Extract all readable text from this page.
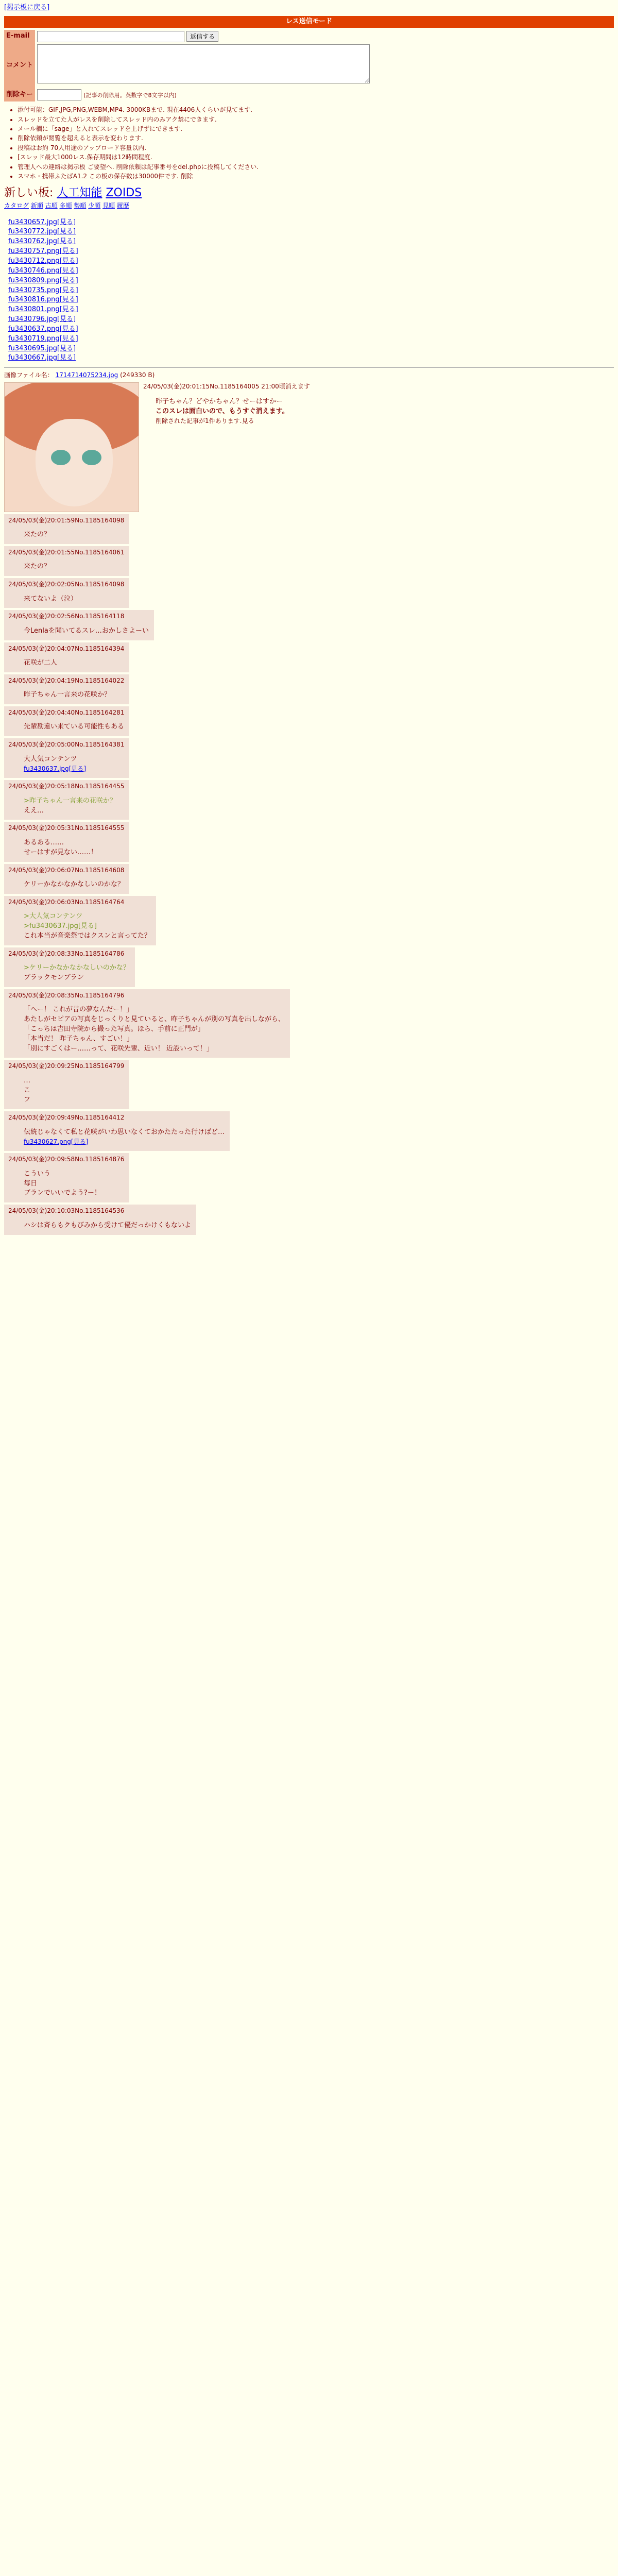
[掲示板に戻る]
レス送信モード
E-mail	返信する
コメント	
削除キー	(記事の削除用。英数字で8文字以内)
• 添付可能：GIF,JPG,PNG,WEBM,MP4. 3000KBまで. 現在4406人くらいが見てます.
• スレッドを立てた人がレスを削除してスレッド内のみアク禁にできます.
• メール欄に「sage」と入れてスレッドを上げずにできます.
• 削除依頼が閲覧を超えると表示を変わります.
• 投稿はお約 70人用途のアップロード容量以内.
• [スレッド最大1000レス.保存期間は12時間程度.
• 管理人への連絡は掲示板 ご要望へ. 削除依頼は記事番号をdel.phpに投稿してください.
• スマホ・携帯ふたばA1.2 この板の保存数は30000件です. 削除
新しい板: 人工知能 ZOIDS
カタログ 新順 古順 多順 勢順 少順 見順 履歴
fu3430657.jpg[見る]
fu3430772.jpg[見る]
fu3430762.jpg[見る]
fu3430757.png[見る]
fu3430712.png[見る]
fu3430746.png[見る]
fu3430809.png[見る]
fu3430735.png[見る]
fu3430816.png[見る]
fu3430801.png[見る]
fu3430796.jpg[見る]
fu3430637.png[見る]
fu3430719.png[見る]
fu3430695.jpg[見る]
fu3430667.jpg[見る]
画像ファイル名： 1714714075234.jpg (249330 B)
24/05/03(金)20:01:15No.1185164005 21:00頃消えます
昨子ちゃん？どやかちゃん？せーはすかー
このスレは面白いので、もうすぐ消えます。
削除された記事が1件あります.見る
24/05/03(金)20:01:59No.1185164098
来たの？
24/05/03(金)20:01:55No.1185164061
来たの？
24/05/03(金)20:02:05No.1185164098
来てないよ（泣）
24/05/03(金)20:02:56No.1185164118
今Lenlaを聞いてるスレ…おかしさよーい
24/05/03(金)20:04:07No.1185164394
花咲が二人
24/05/03(金)20:04:19No.1185164022
昨子ちゃん一言来の花咲か？
24/05/03(金)20:04:40No.1185164281
先輩勘違い来ている可能性もある
24/05/03(金)20:05:00No.1185164381
大人気コンテンツ
fu3430637.jpg[見る]
24/05/03(金)20:05:18No.1185164455
>昨子ちゃん一言来の花咲か？
ええ…
24/05/03(金)20:05:31No.1185164555
あるある……
せーはすが見ない……！
24/05/03(金)20:06:07No.1185164608
ケリーかなかなかなしいのかな？
24/05/03(金)20:06:03No.1185164764
>大人気コンテンツ
>fu3430637.jpg[見る]
これ本当が音楽祭ではクスンと言ってた？
24/05/03(金)20:08:33No.1185164786
>ケリーかなかなかなしいのかな？
ブラックモンブラン
24/05/03(金)20:08:35No.1185164796
「へー！ これが昔の夢なんだー！」
あたしがセピアの写真をじっくりと見ていると、昨子ちゃんが別の写真を出しながら、
「こっちは吉田寺院から撮った写真。ほら、手前に正門が」
「本当だ！ 昨子ちゃん、すごい！」
「別にすごくはー……って、花咲先輩、近い！ 近設いって！」
24/05/03(金)20:09:25No.1185164799
…
こ
フ
24/05/03(金)20:09:49No.1185164412
伝統じゃなくて私と花咲がいわ思いなくておかたたった行けばど…
fu3430627.png[見る]
24/05/03(金)20:09:58No.1185164876
こういう
毎日
ブランでいいでよう?ー！
24/05/03(金)20:10:03No.1185164536
ハシは斉らもクもびみから受けて優だっかけくもないよ
